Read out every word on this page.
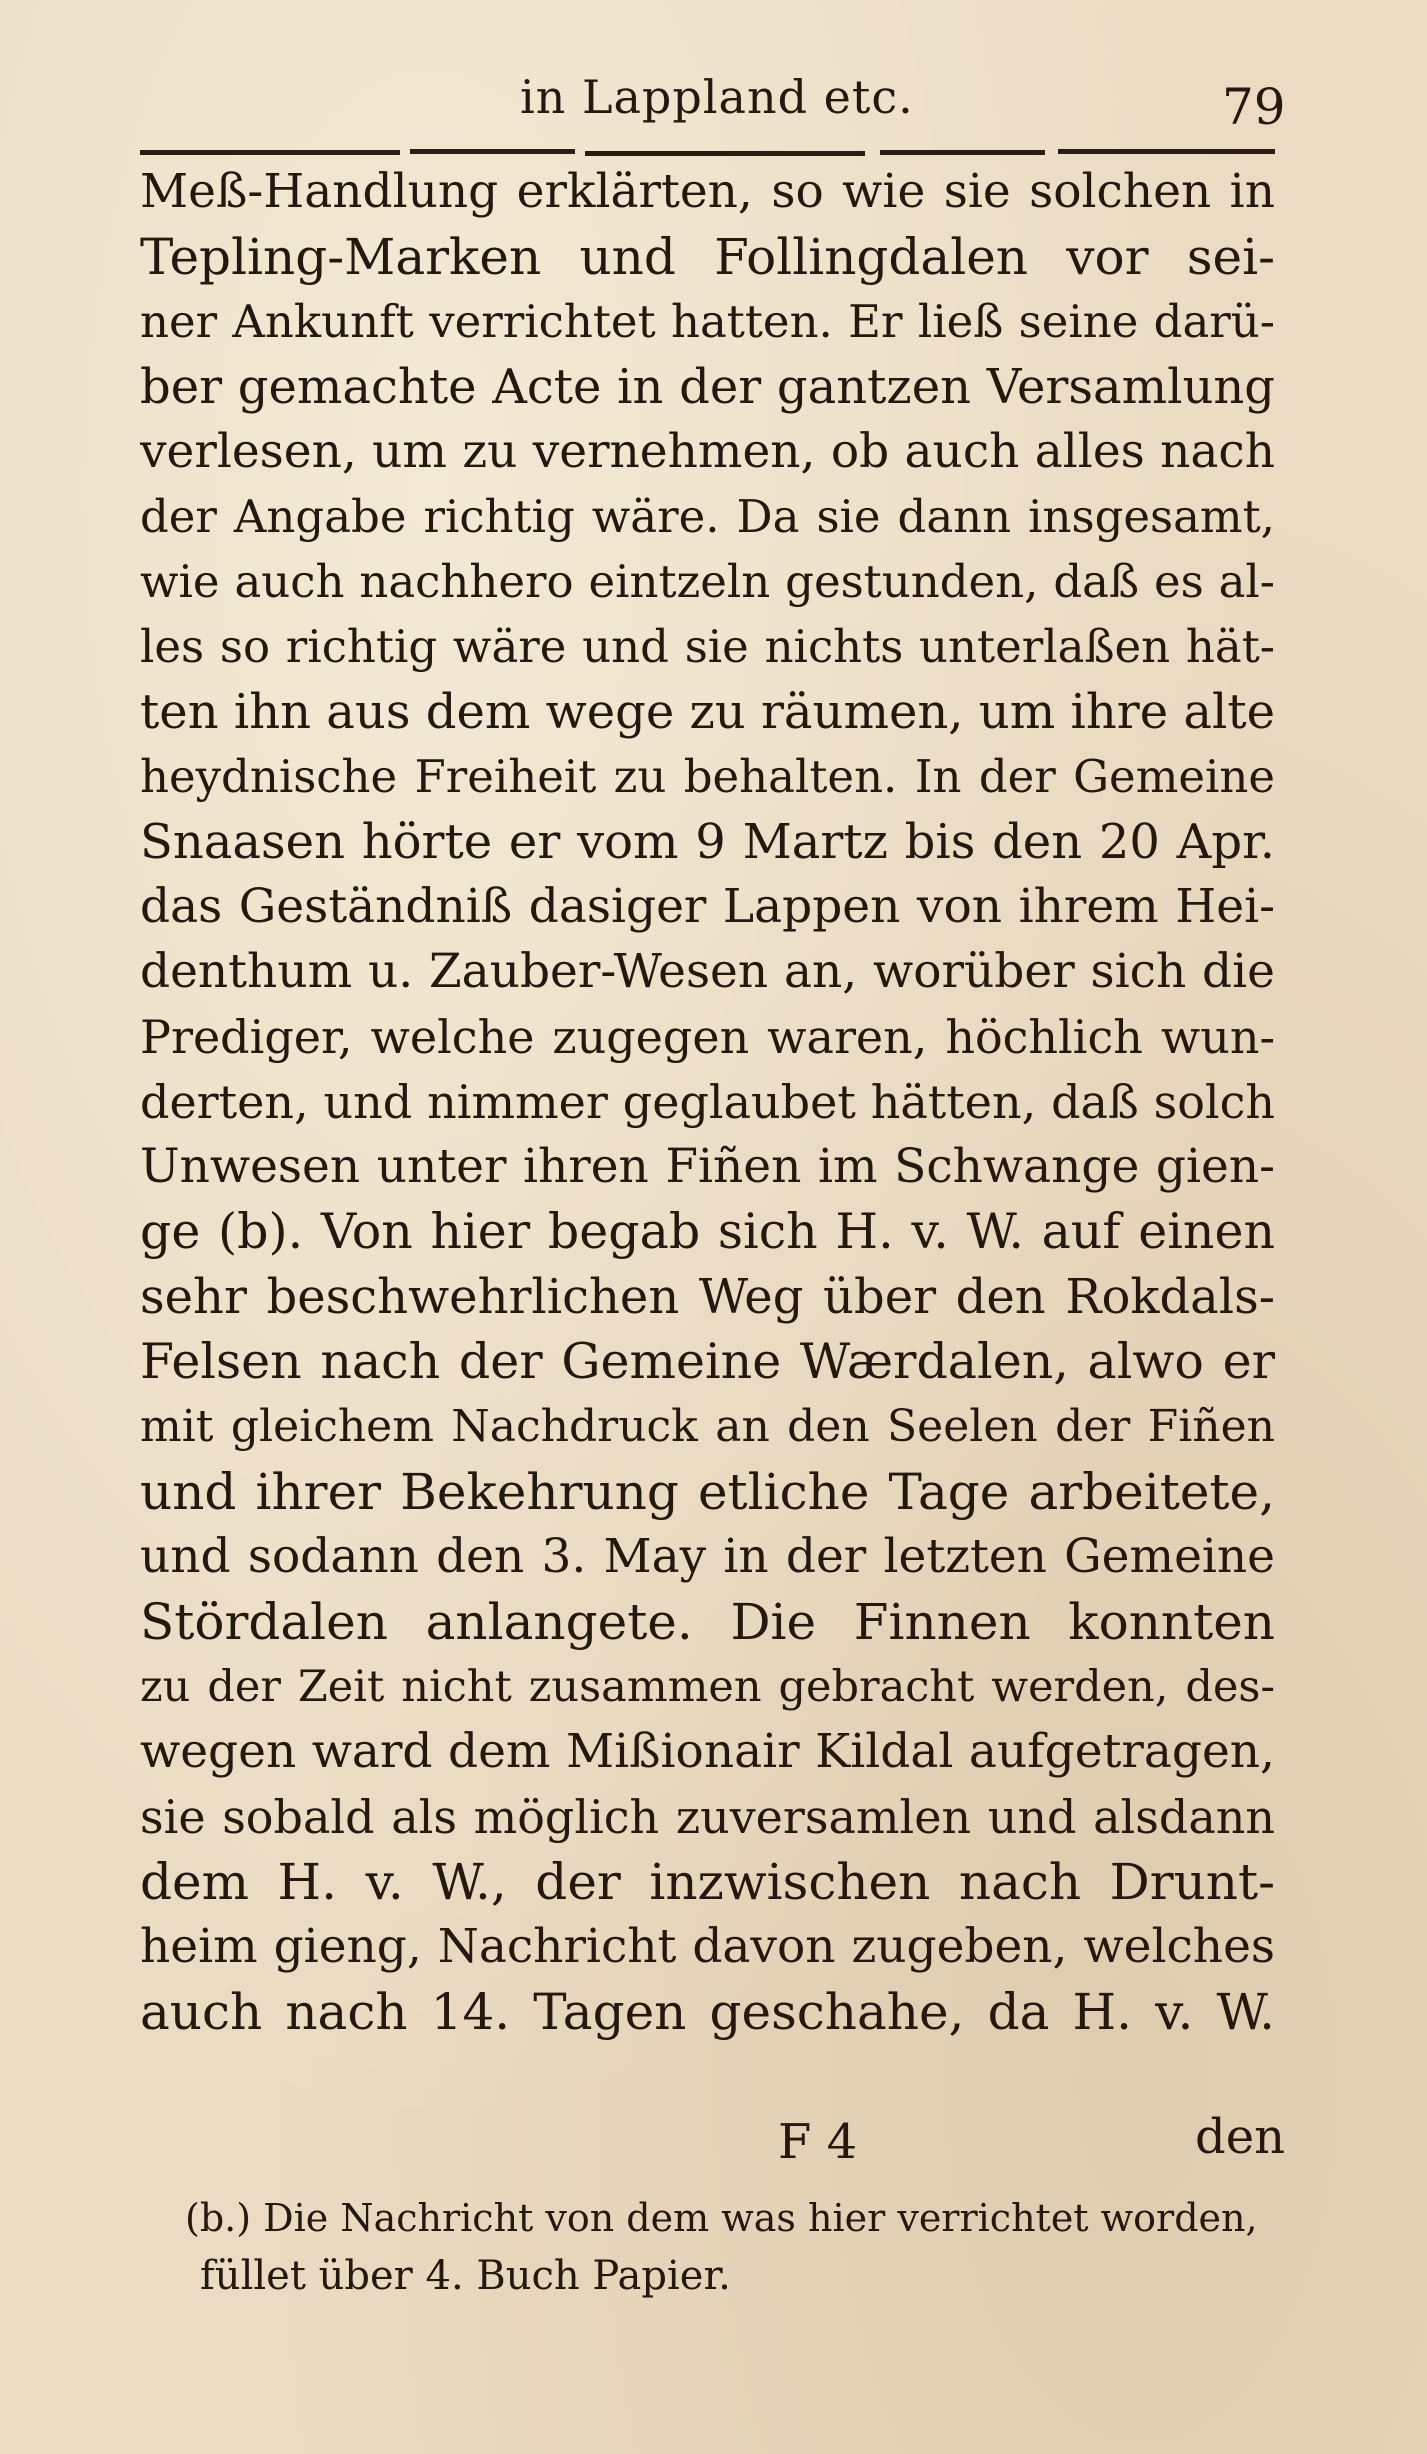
in Lappland etc.	79
Meß-Handlung erklärten, so wie sie solchen in
Tepling-Marken und Follingdalen vor sei-
ner Ankunft verrichtet hatten. Er ließ seine darü-
ber gemachte Acte in der gantzen Versamlung
verlesen, um zu vernehmen, ob auch alles nach
der Angabe richtig wäre. Da sie dann insgesamt,
wie auch nachhero eintzeln gestunden, daß es al-
les so richtig wäre und sie nichts unterlaßen hät-
ten ihn aus dem wege zu räumen, um ihre alte
heydnische Freiheit zu behalten. In der Gemeine
Snaasen hörte er vom 9 Martz bis den 20 Apr.
das Geständniß dasiger Lappen von ihrem Hei-
denthum u. Zauber-Wesen an, worüber sich die
Prediger, welche zugegen waren, höchlich wun-
derten, und nimmer geglaubet hätten, daß solch
Unwesen unter ihren Fiñen im Schwange gien-
ge (b). Von hier begab sich H. v. W. auf einen
sehr beschwehrlichen Weg über den Rokdals-
Felsen nach der Gemeine Wærdalen, alwo er
mit gleichem Nachdruck an den Seelen der Fiñen
und ihrer Bekehrung etliche Tage arbeitete,
und sodann den 3. May in der letzten Gemeine
Stördalen anlangete. Die Finnen konnten
zu der Zeit nicht zusammen gebracht werden, des-
wegen ward dem Mißionair Kildal aufgetragen,
sie sobald als möglich zuversamlen und alsdann
dem H. v. W., der inzwischen nach Drunt-
heim gieng, Nachricht davon zugeben, welches
auch nach 14. Tagen geschahe, da H. v. W.
F 4	den
(b.) Die Nachricht von dem was hier verrichtet worden,
füllet über 4. Buch Papier.
